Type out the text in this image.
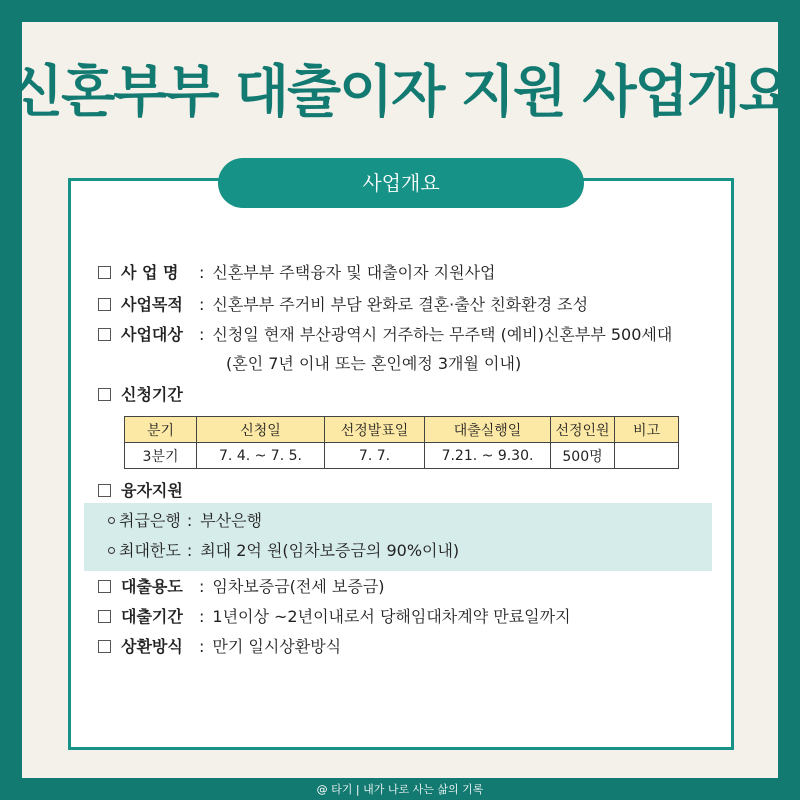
신혼부부 대출이자 지원 사업개요
사업개요
사 업 명 : 신혼부부 주택융자 및 대출이자 지원사업
사업목적 : 신혼부부 주거비 부담 완화로 결혼·출산 친화환경 조성
사업대상 : 신청일 현재 부산광역시 거주하는 무주택 (예비)신혼부부 500세대
(혼인 7년 이내 또는 혼인예정 3개월 이내)
신청기간
분기	신청일	선정발표일	대출실행일	선정인원	비고
3분기	7. 4. ~ 7. 5.	7. 7.	7.21. ~ 9.30.	500명	
융자지원
취급은행 : 부산은행
최대한도 : 최대 2억 원(임차보증금의 90%이내)
대출용도 : 임차보증금(전세 보증금)
대출기간 : 1년이상 ~2년이내로서 당해임대차계약 만료일까지
상환방식 : 만기 일시상환방식
@ 타기 | 내가 나로 사는 삶의 기록
